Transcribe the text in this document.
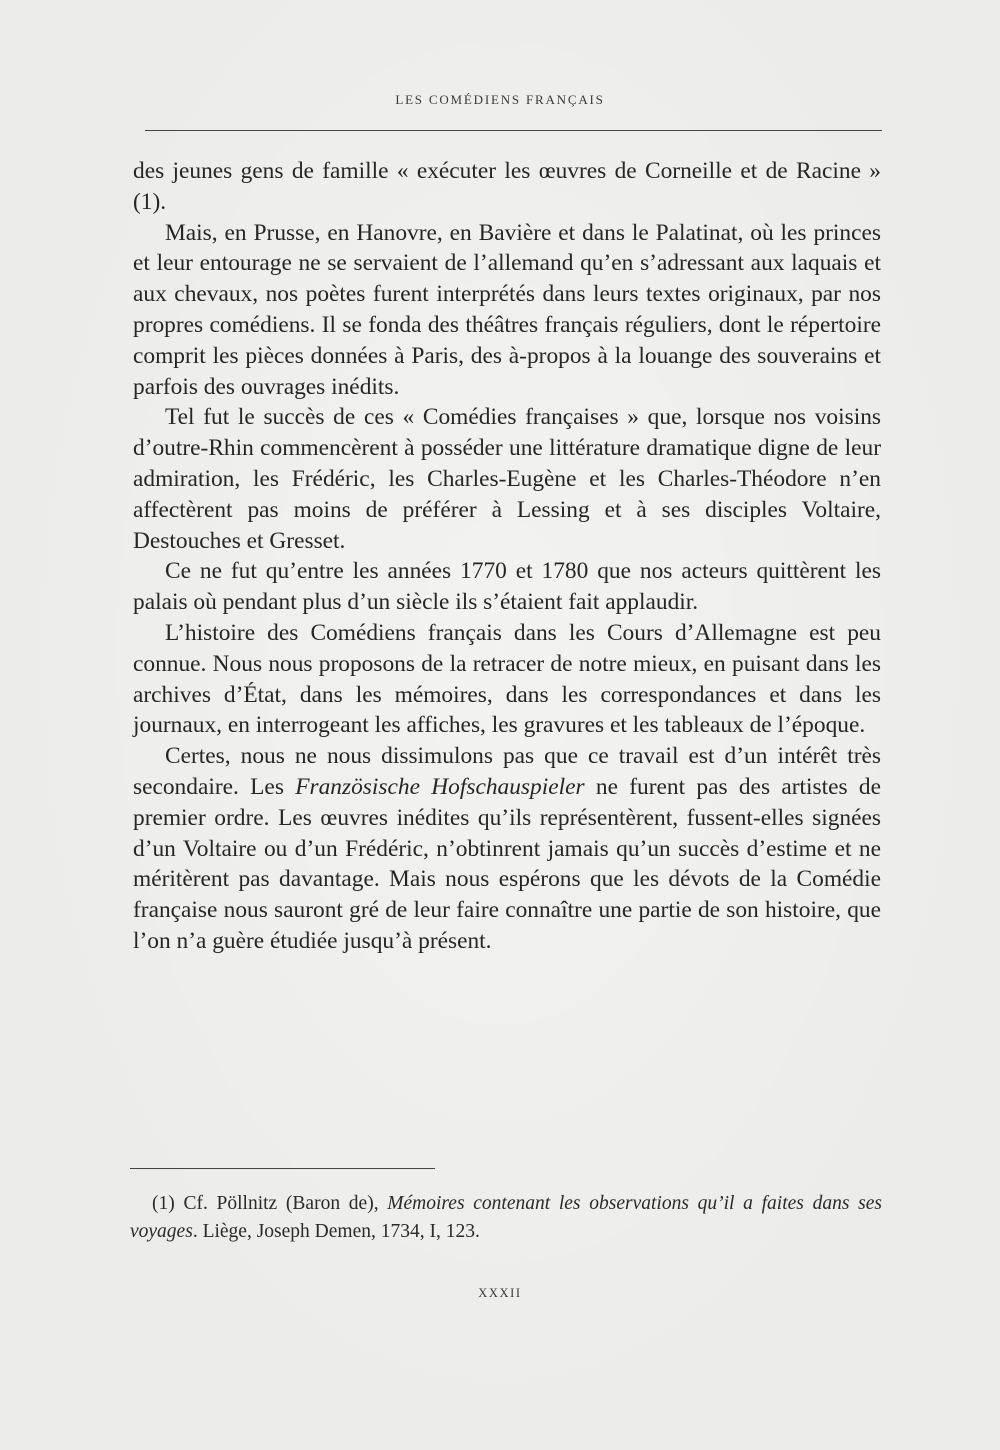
LES COMÉDIENS FRANÇAIS

des jeunes gens de famille « exécuter les œuvres de Corneille et de Racine » (1).

Mais, en Prusse, en Hanovre, en Bavière et dans le Palatinat, où les princes et leur entourage ne se servaient de l’allemand qu’en s’adressant aux laquais et aux chevaux, nos poètes furent interprétés dans leurs textes originaux, par nos propres comédiens. Il se fonda des théâtres français réguliers, dont le répertoire comprit les pièces données à Paris, des à-propos à la louange des souverains et parfois des ouvrages inédits.

Tel fut le succès de ces « Comédies françaises » que, lorsque nos voisins d’outre-Rhin commencèrent à posséder une littérature dramatique digne de leur admiration, les Frédéric, les Charles-Eugène et les Charles-Théodore n’en affectèrent pas moins de préférer à Lessing et à ses disciples Voltaire, Destouches et Gresset.

Ce ne fut qu’entre les années 1770 et 1780 que nos acteurs quittèrent les palais où pendant plus d’un siècle ils s’étaient fait applaudir.

L’histoire des Comédiens français dans les Cours d’Allemagne est peu connue. Nous nous proposons de la retracer de notre mieux, en puisant dans les archives d’État, dans les mémoires, dans les correspondances et dans les journaux, en interrogeant les affiches, les gravures et les tableaux de l’époque.

Certes, nous ne nous dissimulons pas que ce travail est d’un intérêt très secondaire. Les Französische Hofschauspieler ne furent pas des artistes de premier ordre. Les œuvres inédites qu’ils représentèrent, fussent-elles signées d’un Voltaire ou d’un Frédéric, n’obtinrent jamais qu’un succès d’estime et ne méritèrent pas davantage. Mais nous espérons que les dévots de la Comédie française nous sauront gré de leur faire connaître une partie de son histoire, que l’on n’a guère étudiée jusqu’à présent.

(1) Cf. Pöllnitz (Baron de), Mémoires contenant les observations qu’il a faites dans ses voyages. Liège, Joseph Demen, 1734, I, 123.
XXXII
